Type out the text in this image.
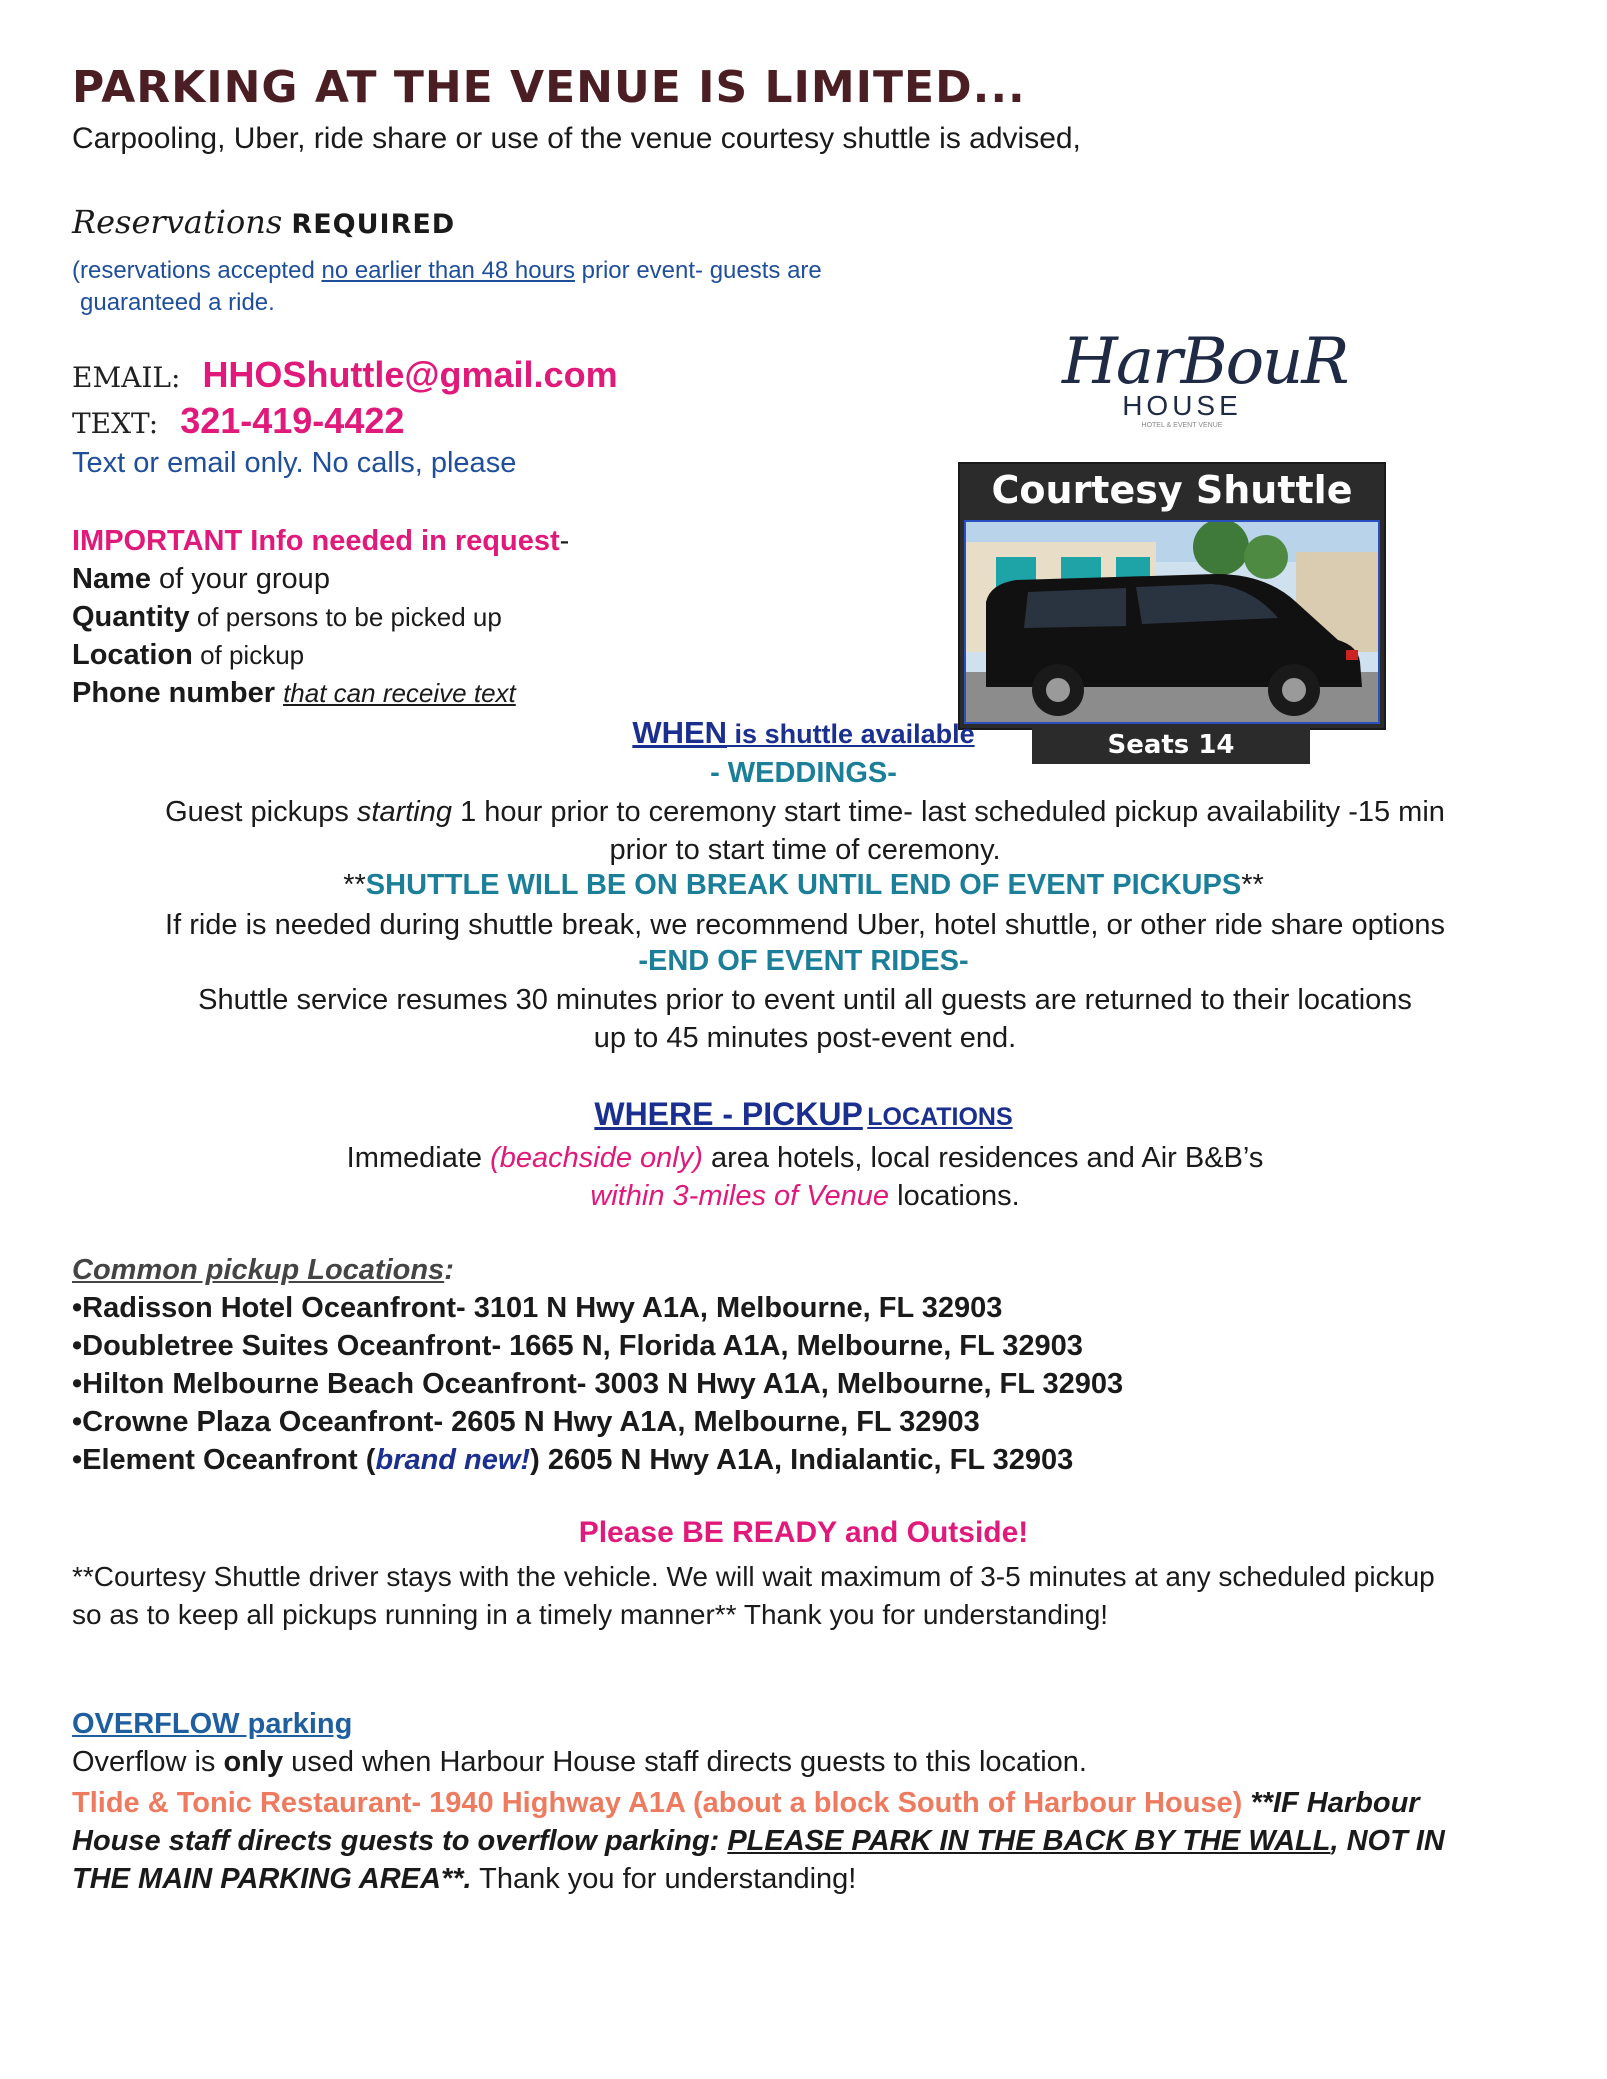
PARKING AT THE VENUE IS LIMITED...
Carpooling, Uber, ride share or use of the venue courtesy shuttle is advised,
Reservations REQUIRED
(reservations accepted no earlier than 48 hours prior event- guests are
guaranteed a ride.
EMAIL: HHOShuttle@gmail.com
TEXT: 321-419-4422
Text or email only. No calls, please
IMPORTANT Info needed in request-
Name of your group
Quantity of persons to be picked up
Location of pickup
Phone number that can receive text
HarBouR
HOUSE
HOTEL & EVENT VENUE
Courtesy Shuttle
Seats 14 passengers
WHEN is shuttle available
- WEDDINGS-
Guest pickups starting 1 hour prior to ceremony start time- last scheduled pickup availability -15 min
prior to start time of ceremony.
**SHUTTLE WILL BE ON BREAK UNTIL END OF EVENT PICKUPS**
If ride is needed during shuttle break, we recommend Uber, hotel shuttle, or other ride share options
-END OF EVENT RIDES-
Shuttle service resumes 30 minutes prior to event until all guests are returned to their locations
up to 45 minutes post-event end.
WHERE - PICKUP LOCATIONS
Immediate (beachside only) area hotels, local residences and Air B&B’s
within 3-miles of Venue locations.
Common pickup Locations:
•Radisson Hotel Oceanfront- 3101 N Hwy A1A, Melbourne, FL 32903
•Doubletree Suites Oceanfront- 1665 N, Florida A1A, Melbourne, FL 32903
•Hilton Melbourne Beach Oceanfront- 3003 N Hwy A1A, Melbourne, FL 32903
•Crowne Plaza Oceanfront- 2605 N Hwy A1A, Melbourne, FL 32903
•Element Oceanfront (brand new!) 2605 N Hwy A1A, Indialantic, FL 32903
Please BE READY and Outside!
**Courtesy Shuttle driver stays with the vehicle. We will wait maximum of 3-5 minutes at any scheduled pickup
so as to keep all pickups running in a timely manner** Thank you for understanding!
OVERFLOW parking
Overflow is only used when Harbour House staff directs guests to this location.
Tlide & Tonic Restaurant- 1940 Highway A1A (about a block South of Harbour House) **IF Harbour House staff directs guests to overflow parking: PLEASE PARK IN THE BACK BY THE WALL, NOT IN THE MAIN PARKING AREA**. Thank you for understanding!
